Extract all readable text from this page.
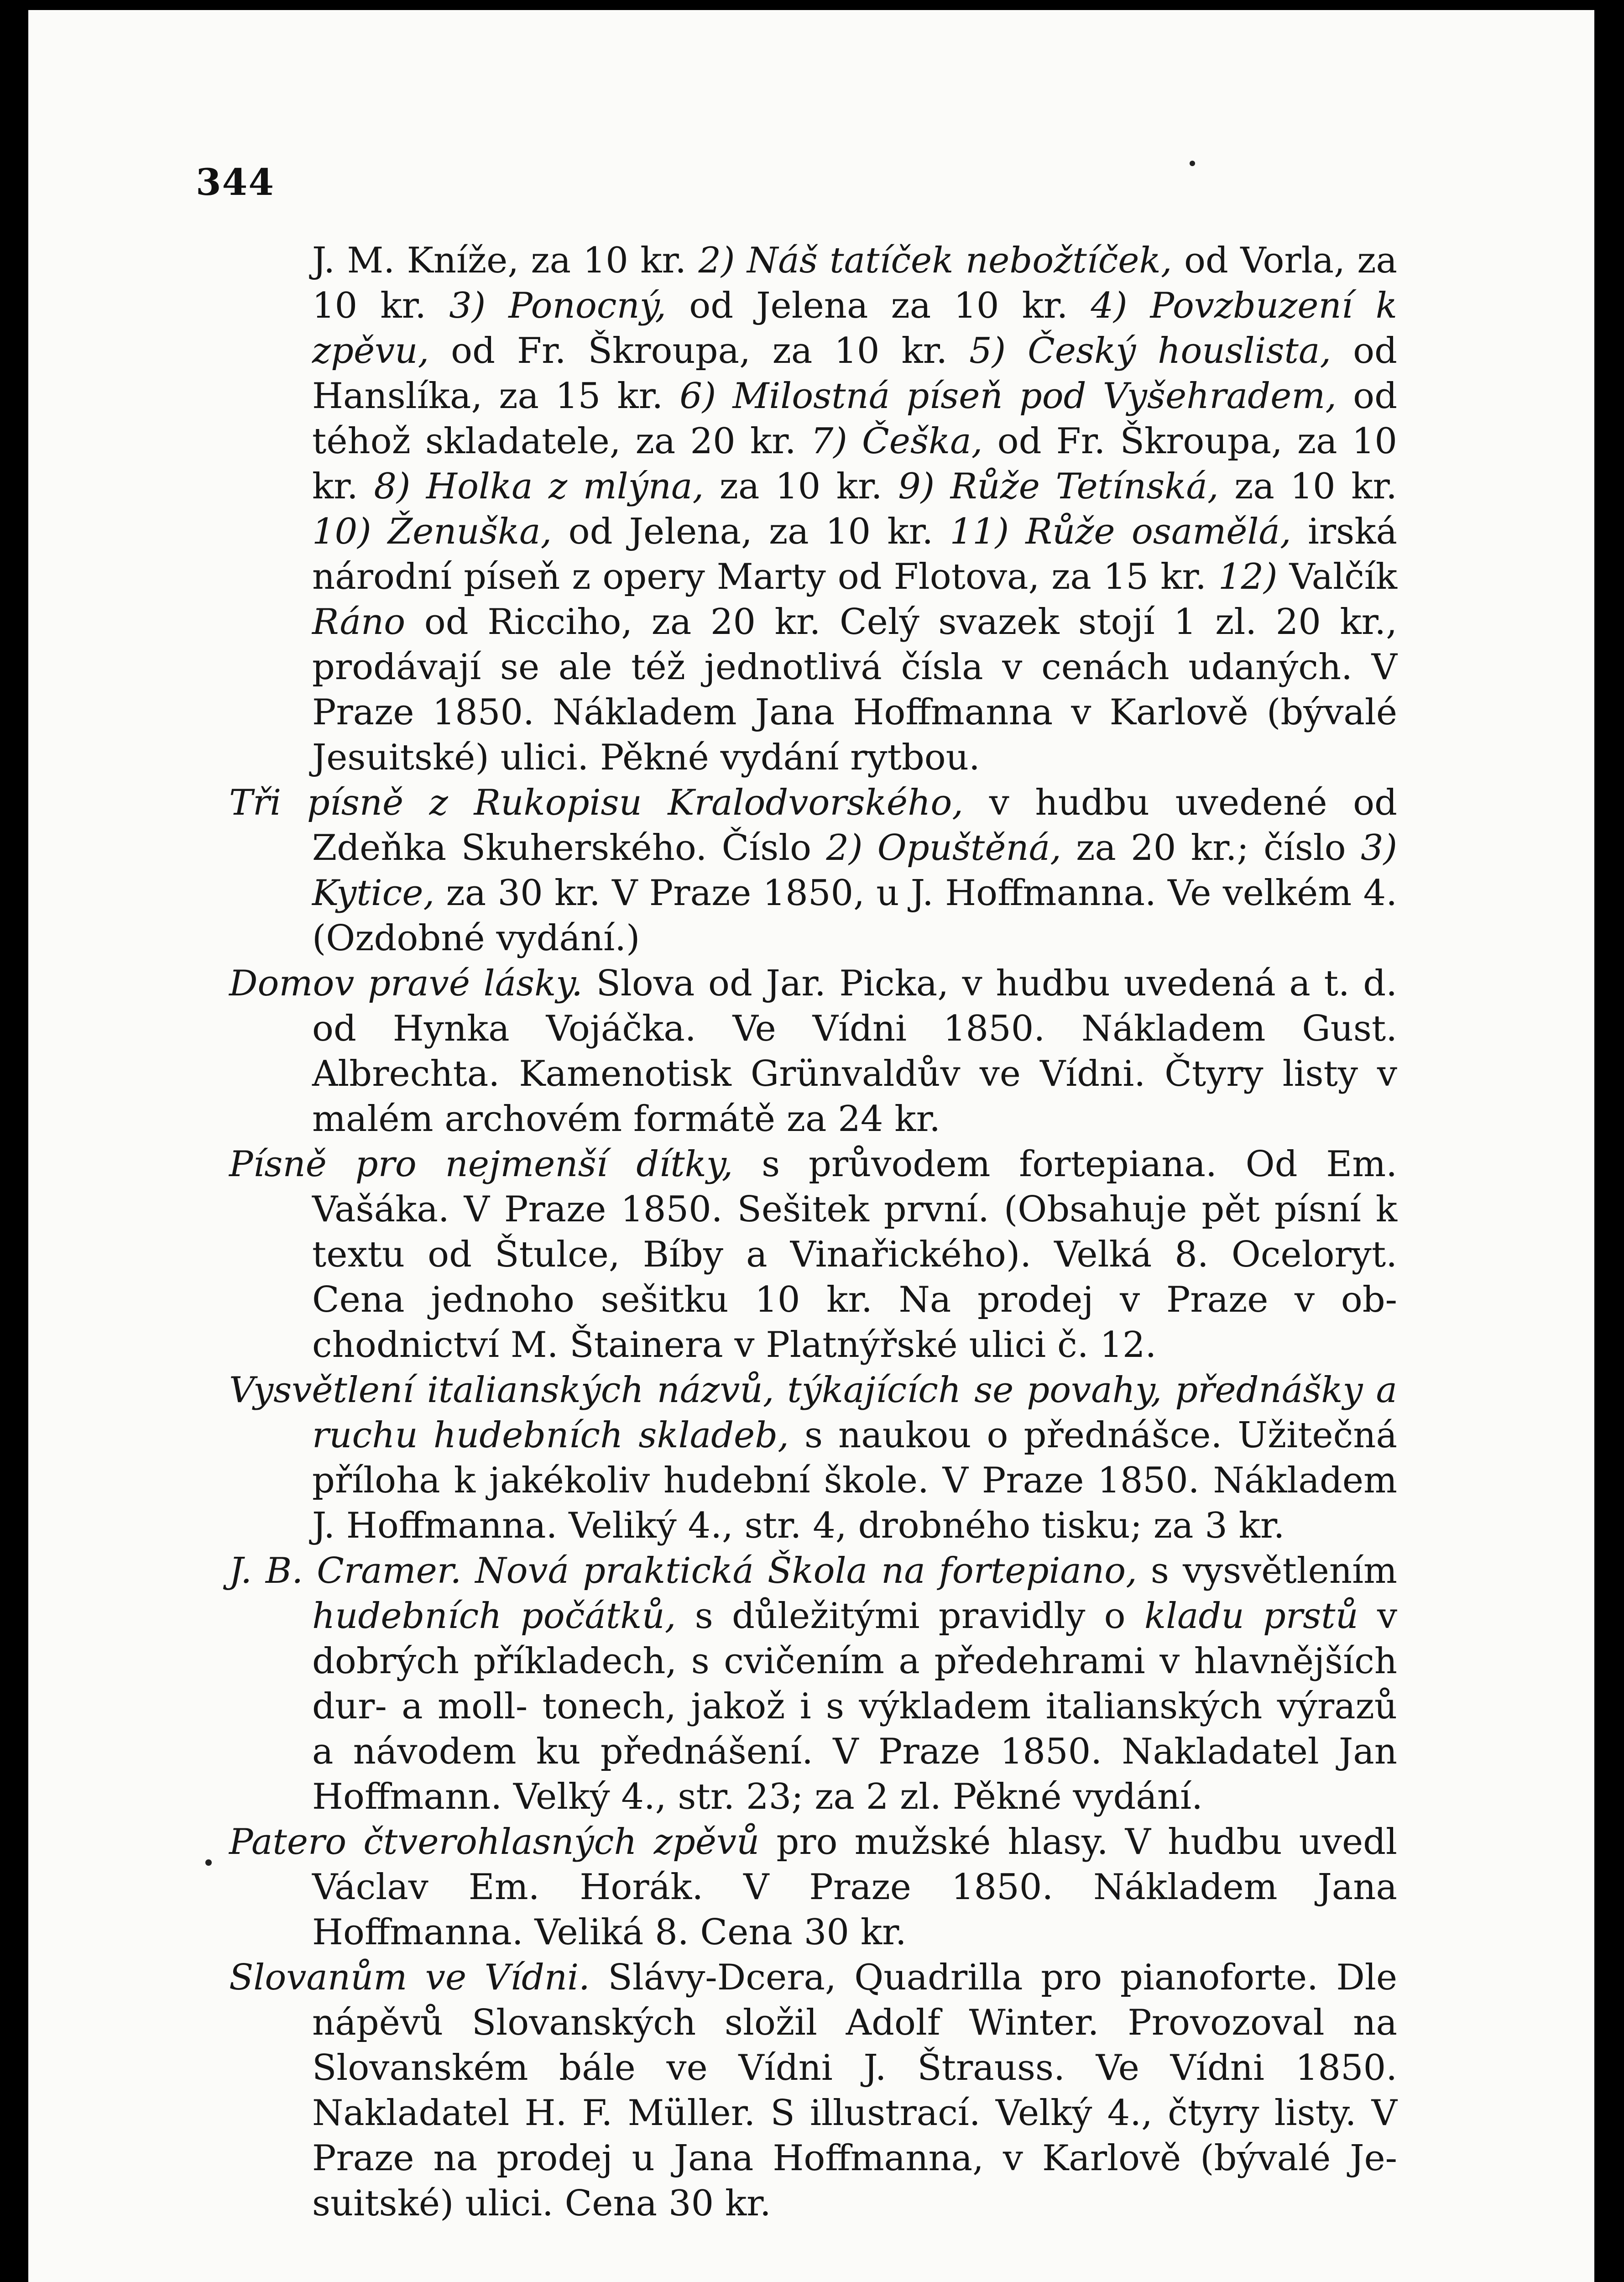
344

J. M. Kníže, za 10 kr. 2) Náš tatíček nebožtíček, od Vorla, za 10 kr. 3) Ponocný, od Jelena za 10 kr. 4) Povzbuzení k zpěvu, od Fr. Škroupa, za 10 kr. 5) Český houslista, od Hanslíka, za 15 kr. 6) Milostná píseň pod Vyšehradem, od téhož skladatele, za 20 kr. 7) Češka, od Fr. Škroupa, za 10 kr. 8) Holka z mlýna, za 10 kr. 9) Růže Tetínská, za 10 kr. 10) Ženuška, od Jelena, za 10 kr. 11) Růže osamělá, irská národní píseň z opery Marty od Flotova, za 15 kr. 12) Valčík Ráno od Ricciho, za 20 kr. Celý svazek stojí 1 zl. 20 kr., prodávají se ale též jednotlivá čísla v cenách udaných. V Praze 1850. Nákladem Jana Hoffmanna v Karlově (bývalé Jesuitské) ulici. Pěkné vydání rytbou.

Tři písně z Rukopisu Kralodvorského, v hudbu uvedené od Zdeňka Skuherského. Číslo 2) Opuštěná, za 20 kr.; číslo 3) Kytice, za 30 kr. V Praze 1850, u J. Hoffmanna. Ve velkém 4. (Ozdobné vydání.)

Domov pravé lásky. Slova od Jar. Picka, v hudbu uvedená a t. d. od Hynka Vojáčka. Ve Vídni 1850. Nákladem Gust. Albrechta. Kamenotisk Grünvaldův ve Vídni. Čtyry listy v malém archovém formátě za 24 kr.

Písně pro nejmenší dítky, s průvodem fortepiana. Od Em. Vašáka. V Praze 1850. Sešitek první. (Obsahuje pět písní k textu od Štulce, Bíby a Vinařického). Velká 8. Oceloryt. Cena jednoho sešitku 10 kr. Na prodej v Praze v obchodnictví M. Štainera v Platnýřské ulici č. 12.

Vysvětlení italianských názvů, týkajících se povahy, přednášky a ruchu hudebních skladeb, s naukou o přednášce. Užitečná příloha k jakékoliv hudební škole. V Praze 1850. Nákladem J. Hoffmanna. Veliký 4., str. 4, drobného tisku; za 3 kr.

J. B. Cramer. Nová praktická Škola na fortepiano, s vysvětlením hudebních počátků, s důležitými pravidly o kladu prstů v dobrých příkladech, s cvičením a předehrami v hlavnějších dur- a moll- tonech, jakož i s výkladem italianských výrazů a návodem ku přednášení. V Praze 1850. Nakladatel Jan Hoffmann. Velký 4., str. 23; za 2 zl. Pěkné vydání.

Patero čtverohlasných zpěvů pro mužské hlasy. V hudbu uvedl Václav Em. Horák. V Praze 1850. Nákladem Jana Hoffmanna. Veliká 8. Cena 30 kr.

Slovanům ve Vídni. Slávy-Dcera, Quadrilla pro pianoforte. Dle nápěvů Slovanských složil Adolf Winter. Provozoval na Slovanském bále ve Vídni J. Štrauss. Ve Vídni 1850. Nakladatel H. F. Müller. S illustrací. Velký 4., čtyry listy. V Praze na prodej u Jana Hoffmanna, v Karlově (bývalé Jesuitské) ulici. Cena 30 kr.
